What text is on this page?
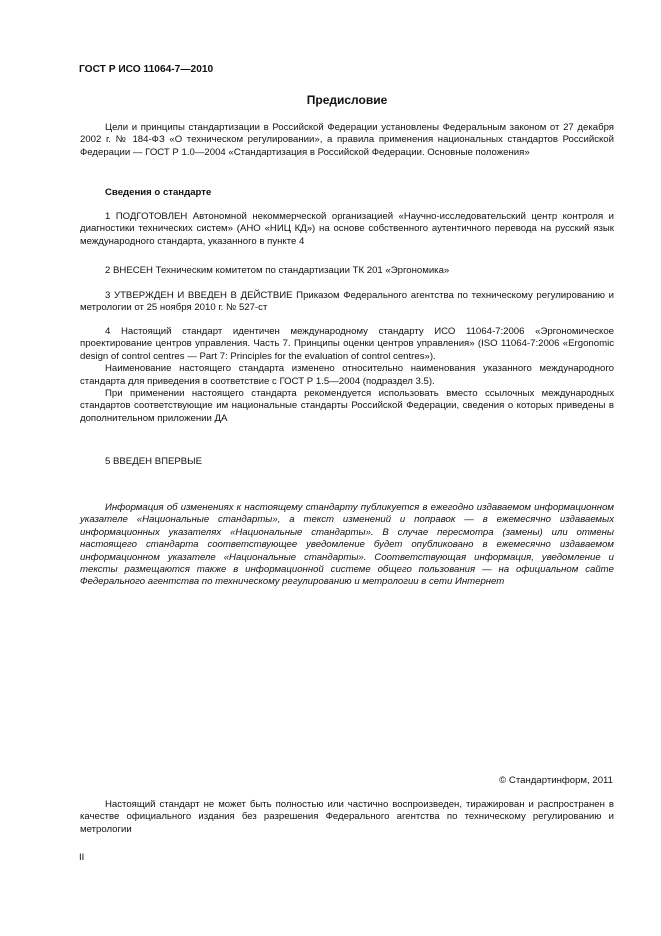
ГОСТ Р ИСО 11064-7—2010
Предисловие

Цели и принципы стандартизации в Российской Федерации установлены Федеральным законом от 27 декабря 2002 г. № 184-ФЗ «О техническом регулировании», а правила применения национальных стандартов Российской Федерации — ГОСТ Р 1.0—2004 «Стандартизация в Российской Федерации. Основные положения»

Сведения о стандарте

1 ПОДГОТОВЛЕН Автономной некоммерческой организацией «Научно-исследовательский центр контроля и диагностики технических систем» (АНО «НИЦ КД») на основе собственного аутентичного перевода на русский язык международного стандарта, указанного в пункте 4

2 ВНЕСЕН Техническим комитетом по стандартизации ТК 201 «Эргономика»

3 УТВЕРЖДЕН И ВВЕДЕН В ДЕЙСТВИЕ Приказом Федерального агентства по техническому регулированию и метрологии от 25 ноября 2010 г. № 527-ст

4 Настоящий стандарт идентичен международному стандарту ИСО 11064-7:2006 «Эргономическое проектирование центров управления. Часть 7. Принципы оценки центров управления» (ISO 11064-7:2006 «Ergonomic design of control centres — Part 7: Principles for the evaluation of control centres»).

Наименование настоящего стандарта изменено относительно наименования указанного международного стандарта для приведения в соответствие с ГОСТ Р 1.5—2004 (подраздел 3.5).

При применении настоящего стандарта рекомендуется использовать вместо ссылочных международных стандартов соответствующие им национальные стандарты Российской Федерации, сведения о которых приведены в дополнительном приложении ДА

5 ВВЕДЕН ВПЕРВЫЕ

Информация об изменениях к настоящему стандарту публикуется в ежегодно издаваемом информационном указателе «Национальные стандарты», а текст изменений и поправок — в ежемесячно издаваемых информационных указателях «Национальные стандарты». В случае пересмотра (замены) или отмены настоящего стандарта соответствующее уведомление будет опубликовано в ежемесячно издаваемом информационном указателе «Национальные стандарты». Соответствующая информация, уведомление и тексты размещаются также в информационной системе общего пользования — на официальном сайте Федерального агентства по техническому регулированию и метрологии в сети Интернет

© Стандартинформ, 2011

Настоящий стандарт не может быть полностью или частично воспроизведен, тиражирован и распространен в качестве официального издания без разрешения Федерального агентства по техническому регулированию и метрологии

II
